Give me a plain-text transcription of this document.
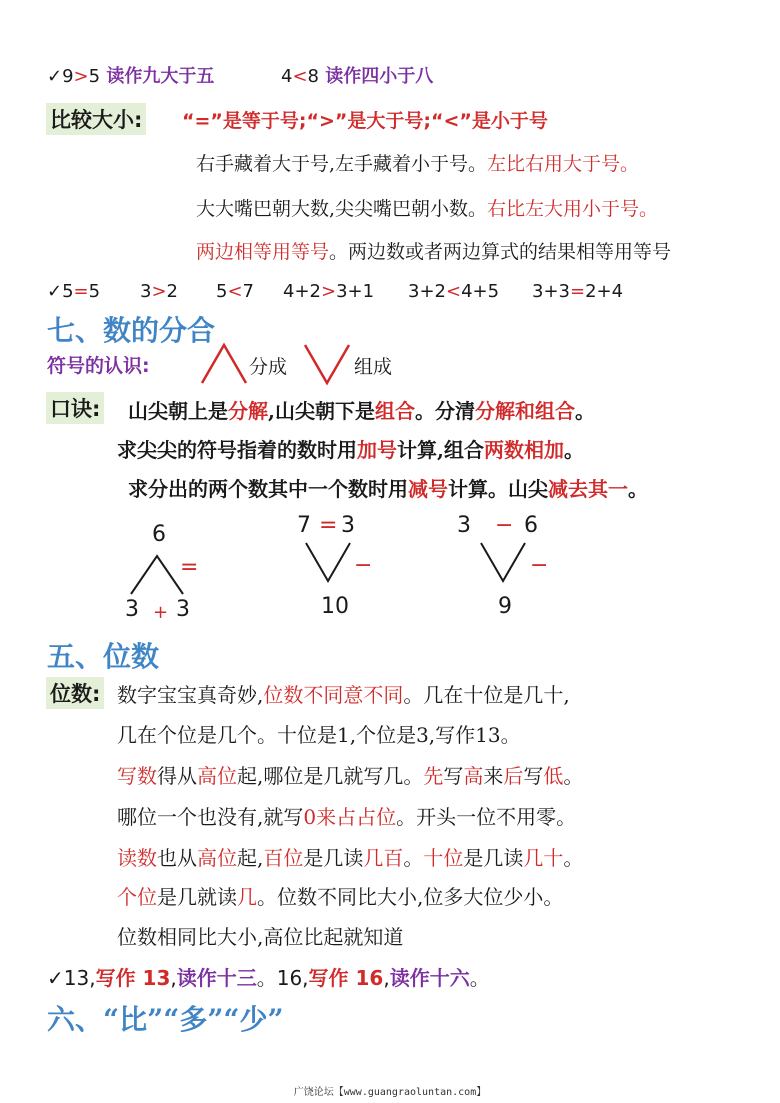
✓9>5 读作九大于五	4<8 读作四小于八
比较大小: “=”是等于号;“>”是大于号;“<”是小于号
右手藏着大于号,左手藏着小于号。左比右用大于号。
大大嘴巴朝大数,尖尖嘴巴朝小数。右比左大用小于号。
两边相等用等号。两边数或者两边算式的结果相等用等号
✓5=5 3>2 5<7 4+2>3+1 3+2<4+5 3+3=2+4
七、数的分合
符号的认识:	分成	组成
口诀: 山尖朝上是分解,山尖朝下是组合。分清分解和组合。
求尖尖的符号指着的数时用加号计算,组合两数相加。
求分出的两个数其中一个数时用减号计算。山尖减去其一。
6
=
3 + 3
7 = 3
−
10
3 − 6
−
9
五、位数
位数: 数字宝宝真奇妙,位数不同意不同。几在十位是几十,
几在个位是几个。十位是1,个位是3,写作13。
写数得从高位起,哪位是几就写几。先写高来后写低。
哪位一个也没有,就写0来占占位。开头一位不用零。
读数也从高位起,百位是几读几百。十位是几读几十。
个位是几就读几。位数不同比大小,位多大位少小。
位数相同比大小,高位比起就知道
✓13,写作 13,读作十三。16,写作 16,读作十六。
六、“比”“多”“少”
广饶论坛【www.guangraoluntan.com】
